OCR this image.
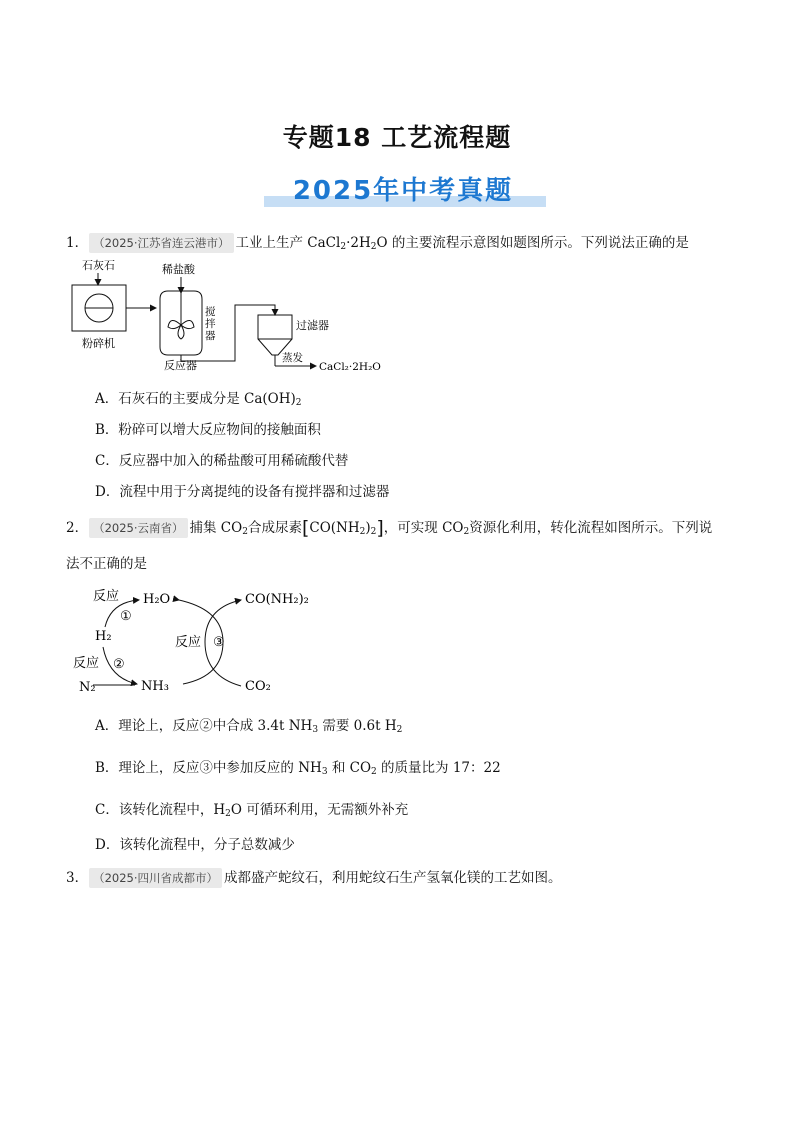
专题18 工艺流程题
2025年中考真题
1． （2025·江苏省连云港市） 工业上生产 $CaCl_2\cdot 2H_2O$ 的主要流程示意图如题图所示。下列说法正确的是
石灰石
粉碎机
稀盐酸
搅拌器
反应器
过滤器
蒸发
CaCl₂·2H₂O
A．石灰石的主要成分是 $Ca(OH)_2$
B．粉碎可以增大反应物间的接触面积
C．反应器中加入的稀盐酸可用稀硫酸代替
D．流程中用于分离提纯的设备有搅拌器和过滤器
2． （2025·云南省） 捕集 $CO_2$合成尿素$[CO(NH_2)_2]$，可实现 $CO_2$资源化利用，转化流程如图所示。下列说
法不正确的是
反应
①
H₂O
H₂
反应 ②
N₂	NH₃
反应 ③
CO(NH₂)₂
CO₂
A．理论上，反应②中合成 3.4t $NH_3$ 需要 0.6t $H_2$
B．理论上，反应③中参加反应的 $NH_3$ 和 $CO_2$ 的质量比为 17：22
C．该转化流程中，$H_2O$ 可循环利用，无需额外补充
D．该转化流程中，分子总数减少
3． （2025·四川省成都市） 成都盛产蛇纹石，利用蛇纹石生产氢氧化镁的工艺如图。
